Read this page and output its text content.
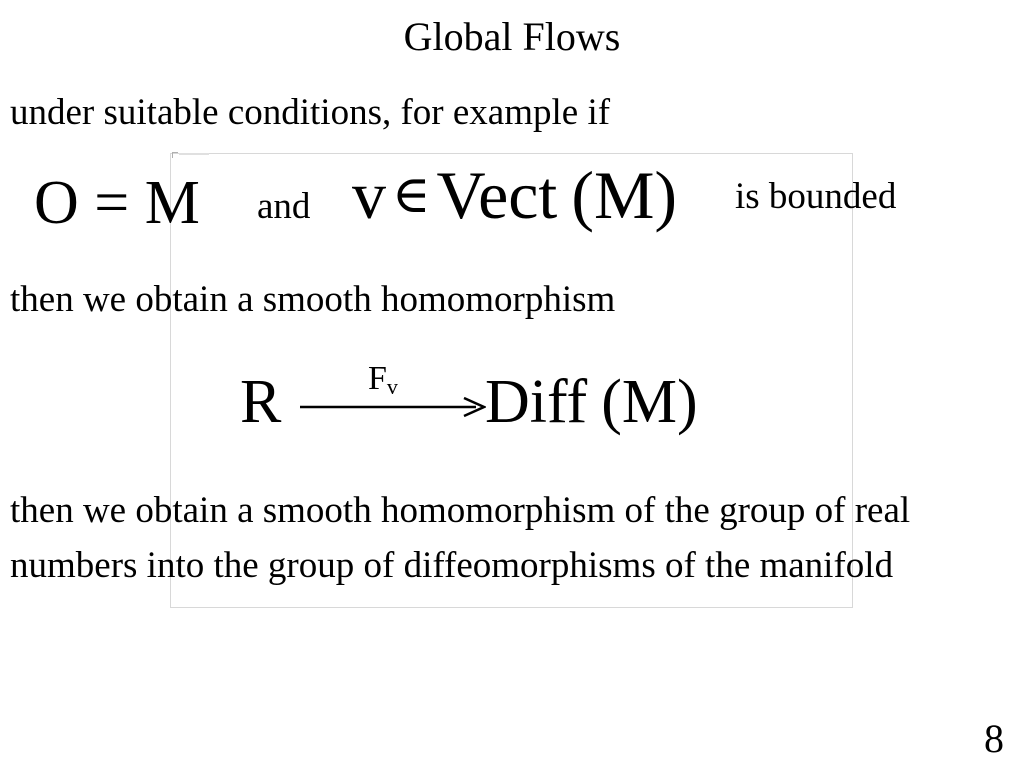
Global Flows
under suitable conditions, for example if
O = M and v ∈Vect (M) is bounded
then we obtain a smooth homomorphism
R	$F_v$ Diff (M)
then we obtain a smooth homomorphism of the group of real numbers into the group of diffeomorphisms of the manifold
8
